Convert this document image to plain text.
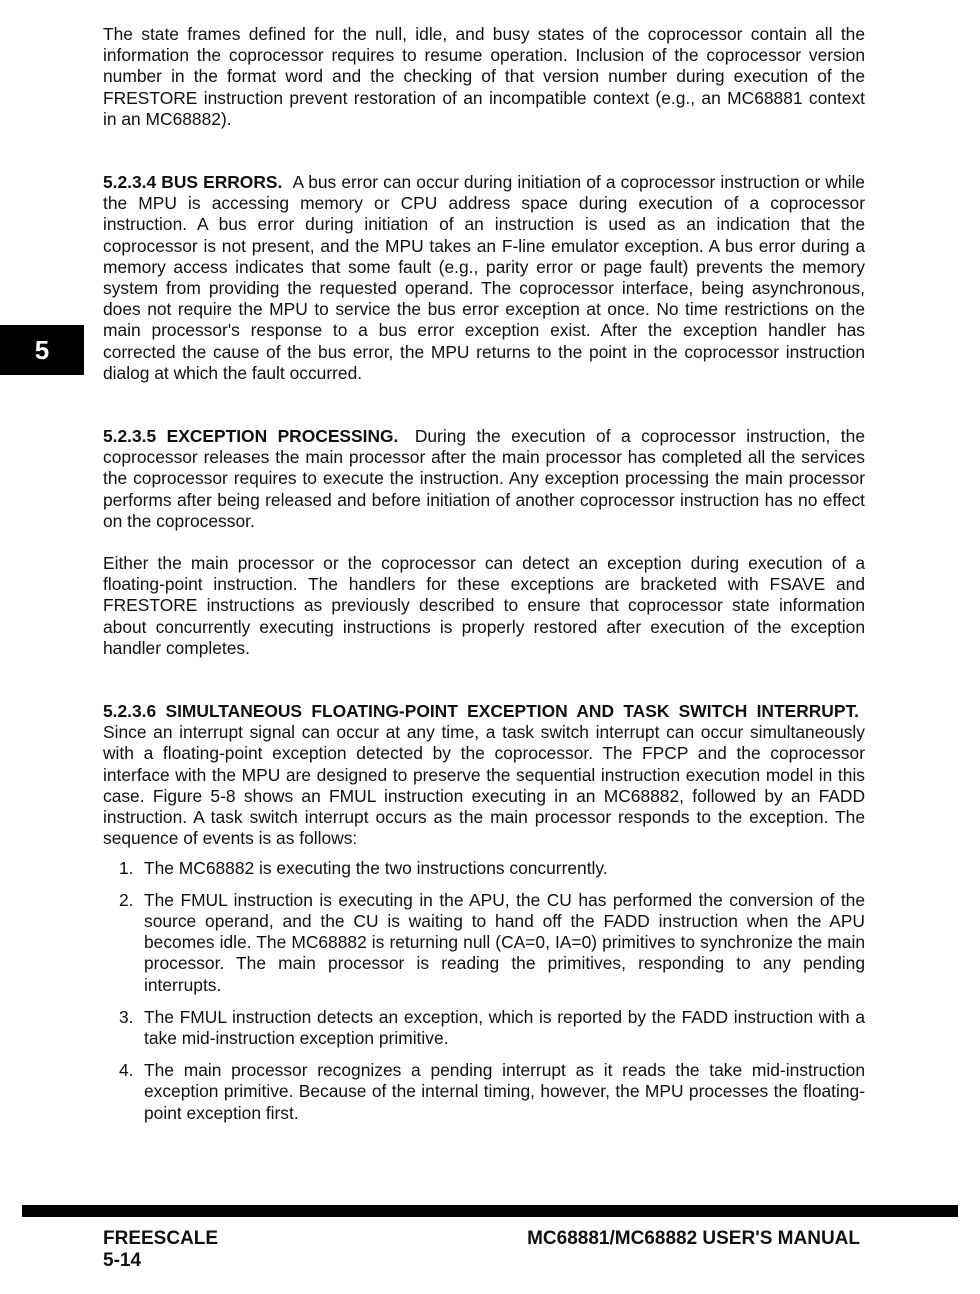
5

The state frames defined for the null, idle, and busy states of the coprocessor contain all the information the coprocessor requires to resume operation. Inclusion of the coprocessor version number in the format word and the checking of that version number during execution of the FRESTORE instruction prevent restoration of an incompatible context (e.g., an MC68881 context in an MC68882).

5.2.3.4 BUS ERRORS. A bus error can occur during initiation of a coprocessor instruction or while the MPU is accessing memory or CPU address space during execution of a coprocessor instruction. A bus error during initiation of an instruction is used as an indication that the coprocessor is not present, and the MPU takes an F-line emulator exception. A bus error during a memory access indicates that some fault (e.g., parity error or page fault) prevents the memory system from providing the requested operand. The coprocessor interface, being asynchronous, does not require the MPU to service the bus error exception at once. No time restrictions on the main processor's response to a bus error exception exist. After the exception handler has corrected the cause of the bus error, the MPU returns to the point in the coprocessor instruction dialog at which the fault occurred.

5.2.3.5 EXCEPTION PROCESSING. During the execution of a coprocessor instruction, the coprocessor releases the main processor after the main processor has completed all the services the coprocessor requires to execute the instruction. Any exception processing the main processor performs after being released and before initiation of another coprocessor instruction has no effect on the coprocessor.

Either the main processor or the coprocessor can detect an exception during execution of a floating-point instruction. The handlers for these exceptions are bracketed with FSAVE and FRESTORE instructions as previously described to ensure that coprocessor state information about concurrently executing instructions is properly restored after execution of the exception handler completes.

5.2.3.6 SIMULTANEOUS FLOATING-POINT EXCEPTION AND TASK SWITCH INTERRUPT. Since an interrupt signal can occur at any time, a task switch interrupt can occur simultaneously with a floating-point exception detected by the coprocessor. The FPCP and the coprocessor interface with the MPU are designed to preserve the sequential instruction execution model in this case. Figure 5-8 shows an FMUL instruction executing in an MC68882, followed by an FADD instruction. A task switch interrupt occurs as the main processor responds to the exception. The sequence of events is as follows:

1. The MC68882 is executing the two instructions concurrently.
2. The FMUL instruction is executing in the APU, the CU has performed the conversion of the source operand, and the CU is waiting to hand off the FADD instruction when the APU becomes idle. The MC68882 is returning null (CA=0, IA=0) primitives to synchronize the main processor. The main processor is reading the primitives, responding to any pending interrupts.
3. The FMUL instruction detects an exception, which is reported by the FADD instruction with a take mid-instruction exception primitive.
4. The main processor recognizes a pending interrupt as it reads the take mid-instruction exception primitive. Because of the internal timing, however, the MPU processes the floating-point exception first.
FREESCALE
5-14
MC68881/MC68882 USER'S MANUAL
